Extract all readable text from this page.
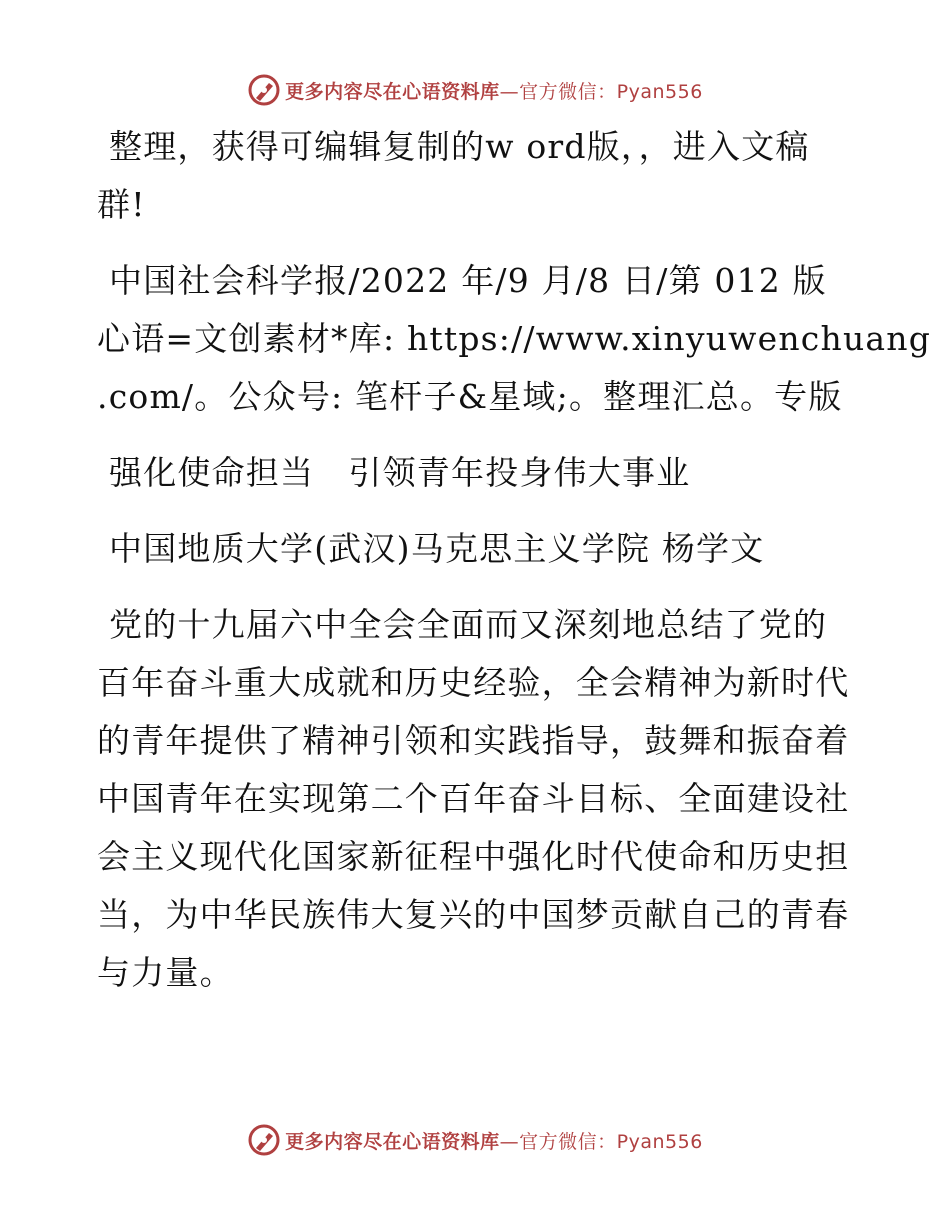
更多内容尽在心语资料库 —官方微信：Pyan556
整理，获得可编辑复制的w ord版，，进入文稿
群!
中国社会科学报/2022 年/9 月/8 日/第 012 版
心语=文创素材*库: https://www.xinyuwenchuang
.com/。公众号: 笔杆子&星域;。整理汇总。专版
强化使命担当　引领青年投身伟大事业
中国地质大学(武汉)马克思主义学院 杨学文
党的十九届六中全会全面而又深刻地总结了党的
百年奋斗重大成就和历史经验，全会精神为新时代
的青年提供了精神引领和实践指导，鼓舞和振奋着
中国青年在实现第二个百年奋斗目标、全面建设社
会主义现代化国家新征程中强化时代使命和历史担
当，为中华民族伟大复兴的中国梦贡献自己的青春
与力量。
更多内容尽在心语资料库 —官方微信：Pyan556
